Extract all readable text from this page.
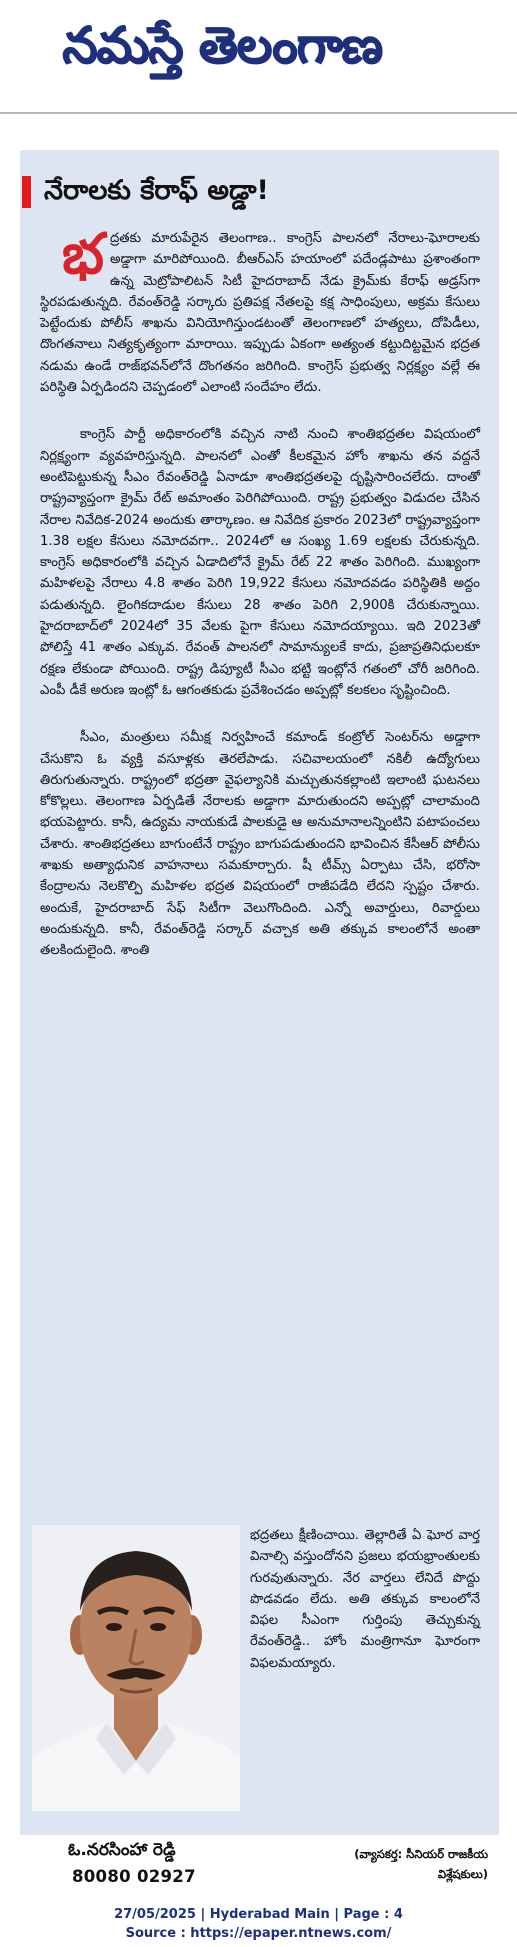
నమస్తే తెలంగాణ
నేరాలకు కేరాఫ్ అడ్డా!

భద్రతకు మారుపేరైన తెలంగాణ.. కాంగ్రెస్ పాలనలో నేరాలు-ఘోరాలకు అడ్డాగా మారిపోయింది. బీఆర్ఎస్ హయాంలో పదేండ్లపాటు ప్రశాంతంగా ఉన్న మెట్రోపాలిటన్ సిటీ హైదరాబాద్ నేడు క్రైమ్‌కు కేరాఫ్ అడ్రస్‌గా స్థిరపడుతున్నది. రేవంత్‌రెడ్డి సర్కారు ప్రతిపక్ష నేతలపై కక్ష సాధింపులు, అక్రమ కేసులు పెట్టేందుకు పోలీస్ శాఖను వినియోగిస్తుండటంతో తెలంగాణలో హత్యలు, దోపిడీలు, దొంగతనాలు నిత్యకృత్యంగా మారాయి. ఇప్పుడు ఏకంగా అత్యంత కట్టుదిట్టమైన భద్రత నడుమ ఉండే రాజ్‌భవన్‌లోనే దొంగతనం జరిగింది. కాంగ్రెస్ ప్రభుత్వ నిర్లక్ష్యం వల్లే ఈ పరిస్థితి ఏర్పడిందని చెప్పడంలో ఎలాంటి సందేహం లేదు.

కాంగ్రెస్ పార్టీ అధికారంలోకి వచ్చిన నాటి నుంచి శాంతిభద్రతల విషయంలో నిర్లక్ష్యంగా వ్యవహరిస్తున్నది. పాలనలో ఎంతో కీలకమైన హోం శాఖను తన వద్దనే అంటిపెట్టుకున్న సీఎం రేవంత్‌రెడ్డి ఏనాడూ శాంతిభద్రతలపై దృష్టిసారించలేదు. దాంతో రాష్ట్రవ్యాప్తంగా క్రైమ్ రేట్ అమాంతం పెరిగిపోయింది. రాష్ట్ర ప్రభుత్వం విడుదల చేసిన నేరాల నివేదిక-2024 అందుకు తార్కాణం. ఆ నివేదిక ప్రకారం 2023లో రాష్ట్రవ్యాప్తంగా 1.38 లక్షల కేసులు నమోదవగా.. 2024లో ఆ సంఖ్య 1.69 లక్షలకు చేరుకున్నది. కాంగ్రెస్ అధికారంలోకి వచ్చిన ఏడాదిలోనే క్రైమ్ రేట్ 22 శాతం పెరిగింది. ముఖ్యంగా మహిళలపై నేరాలు 4.8 శాతం పెరిగి 19,922 కేసులు నమోదవడం పరిస్థితికి అద్దం పడుతున్నది. లైంగికదాడుల కేసులు 28 శాతం పెరిగి 2,900కి చేరుకున్నాయి. హైదరాబాద్‌లో 2024లో 35 వేలకు పైగా కేసులు నమోదయ్యాయి. ఇది 2023తో పోలిస్తే 41 శాతం ఎక్కువ. రేవంత్ పాలనలో సామాన్యులకే కాదు, ప్రజాప్రతినిధులకూ రక్షణ లేకుండా పోయింది. రాష్ట్ర డిప్యూటీ సీఎం భట్టి ఇంట్లోనే గతంలో చోరీ జరిగింది. ఎంపీ డీకే అరుణ ఇంట్లో ఓ ఆగంతకుడు ప్రవేశించడం అప్పట్లో కలకలం సృష్టించింది.

సీఎం, మంత్రులు సమీక్ష నిర్వహించే కమాండ్ కంట్రోల్ సెంటర్‌ను అడ్డాగా చేసుకొని ఓ వ్యక్తి వసూళ్లకు తెరలేపాడు. సచివాలయంలో నకిలీ ఉద్యోగులు తిరుగుతున్నారు. రాష్ట్రంలో భద్రతా వైఫల్యానికి మచ్చుతునకల్లాంటి ఇలాంటి ఘటనలు కోకొల్లలు. తెలంగాణ ఏర్పడితే నేరాలకు అడ్డాగా మారుతుందని అప్పట్లో చాలామంది భయపెట్టారు. కానీ, ఉద్యమ నాయకుడే పాలకుడై ఆ అనుమానాలన్నింటిని పటాపంచలు చేశారు. శాంతిభద్రతలు బాగుంటేనే రాష్ట్రం బాగుపడుతుందని భావించిన కేసీఆర్ పోలీసు శాఖకు అత్యాధునిక వాహనాలు సమకూర్చారు. షీ టీమ్స్ ఏర్పాటు చేసి, భరోసా కేంద్రాలను నెలకొల్పి మహిళల భద్రత విషయంలో రాజీపడేది లేదని స్పష్టం చేశారు. అందుకే, హైదరాబాద్ సేఫ్ సిటీగా వెలుగొందింది. ఎన్నో అవార్డులు, రివార్డులు అందుకున్నది. కానీ, రేవంత్‌రెడ్డి సర్కార్ వచ్చాక అతి తక్కువ కాలంలోనే అంతా తలకిందులైంది. శాంతి

భద్రతలు క్షీణించాయి. తెల్లారితే ఏ ఘోర వార్త వినాల్సి వస్తుందోనని ప్రజలు భయభ్రాంతులకు గురవుతున్నారు. నేర వార్తలు లేనిదే పొద్దు పొడవడం లేదు. అతి తక్కువ కాలంలోనే విఫల సీఎంగా గుర్తింపు తెచ్చుకున్న రేవంత్‌రెడ్డి.. హోం మంత్రిగానూ ఘోరంగా విఫలమయ్యారు.
ఓ.నరసింహా రెడ్డి
80080 02927
(వ్యాసకర్త: సీనియర్ రాజకీయ విశ్లేషకులు)
27/05/2025 | Hyderabad Main | Page : 4
Source : https://epaper.ntnews.com/
